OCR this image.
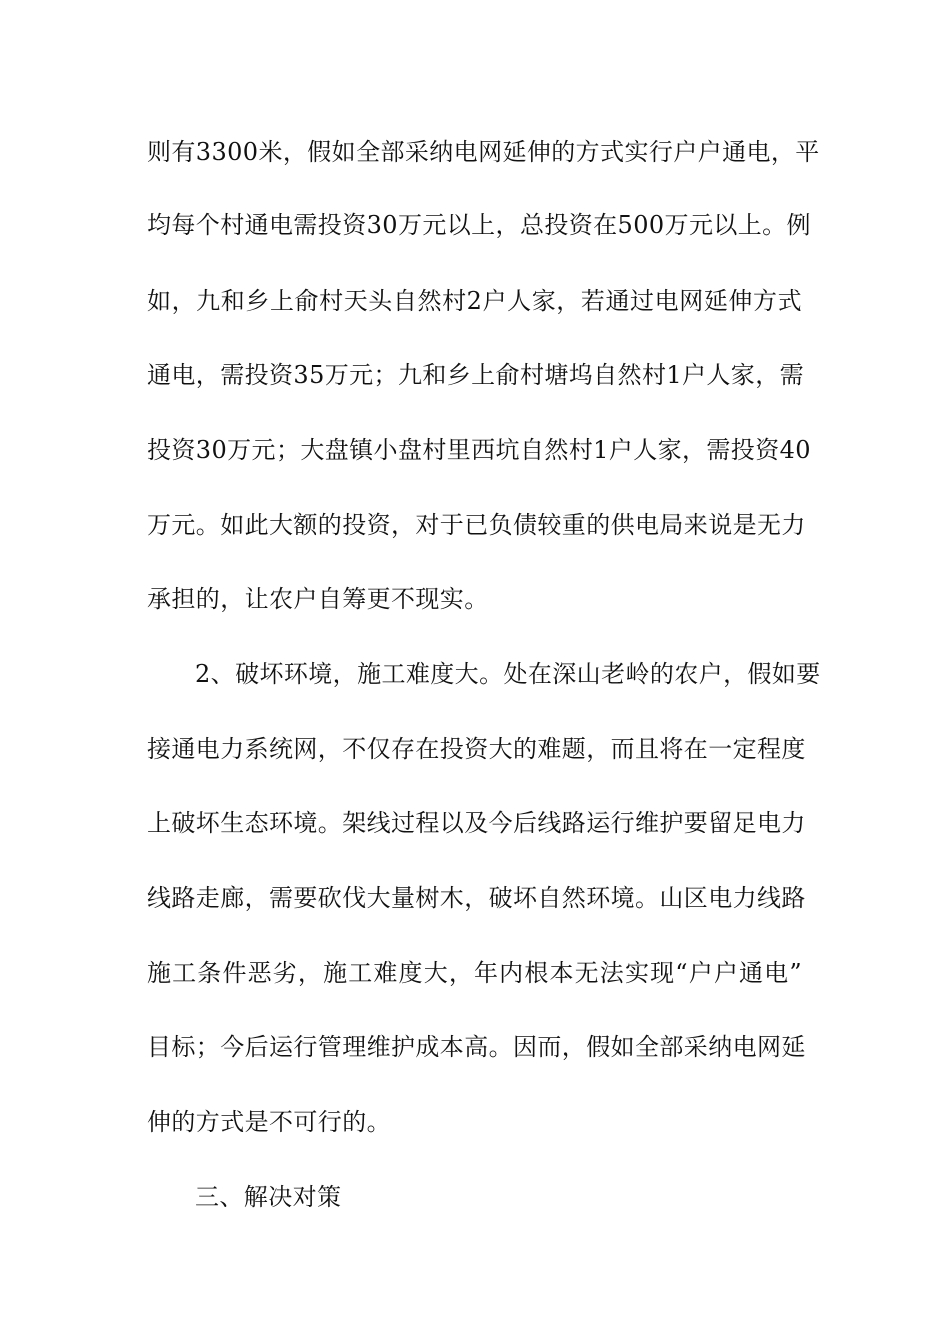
则有3300米，假如全部采纳电网延伸的方式实行户户通电，平
均每个村通电需投资30万元以上，总投资在500万元以上。例
如，九和乡上俞村天头自然村2户人家，若通过电网延伸方式
通电，需投资35万元；九和乡上俞村塘坞自然村1户人家，需
投资30万元；大盘镇小盘村里西坑自然村1户人家，需投资40
万元。如此大额的投资，对于已负债较重的供电局来说是无力
承担的，让农户自筹更不现实。
2、破坏环境，施工难度大。处在深山老岭的农户，假如要
接通电力系统网，不仅存在投资大的难题，而且将在一定程度
上破坏生态环境。架线过程以及今后线路运行维护要留足电力
线路走廊，需要砍伐大量树木，破坏自然环境。山区电力线路
施工条件恶劣，施工难度大，年内根本无法实现“户户通电”
目标；今后运行管理维护成本高。因而，假如全部采纳电网延
伸的方式是不可行的。
三、解决对策
